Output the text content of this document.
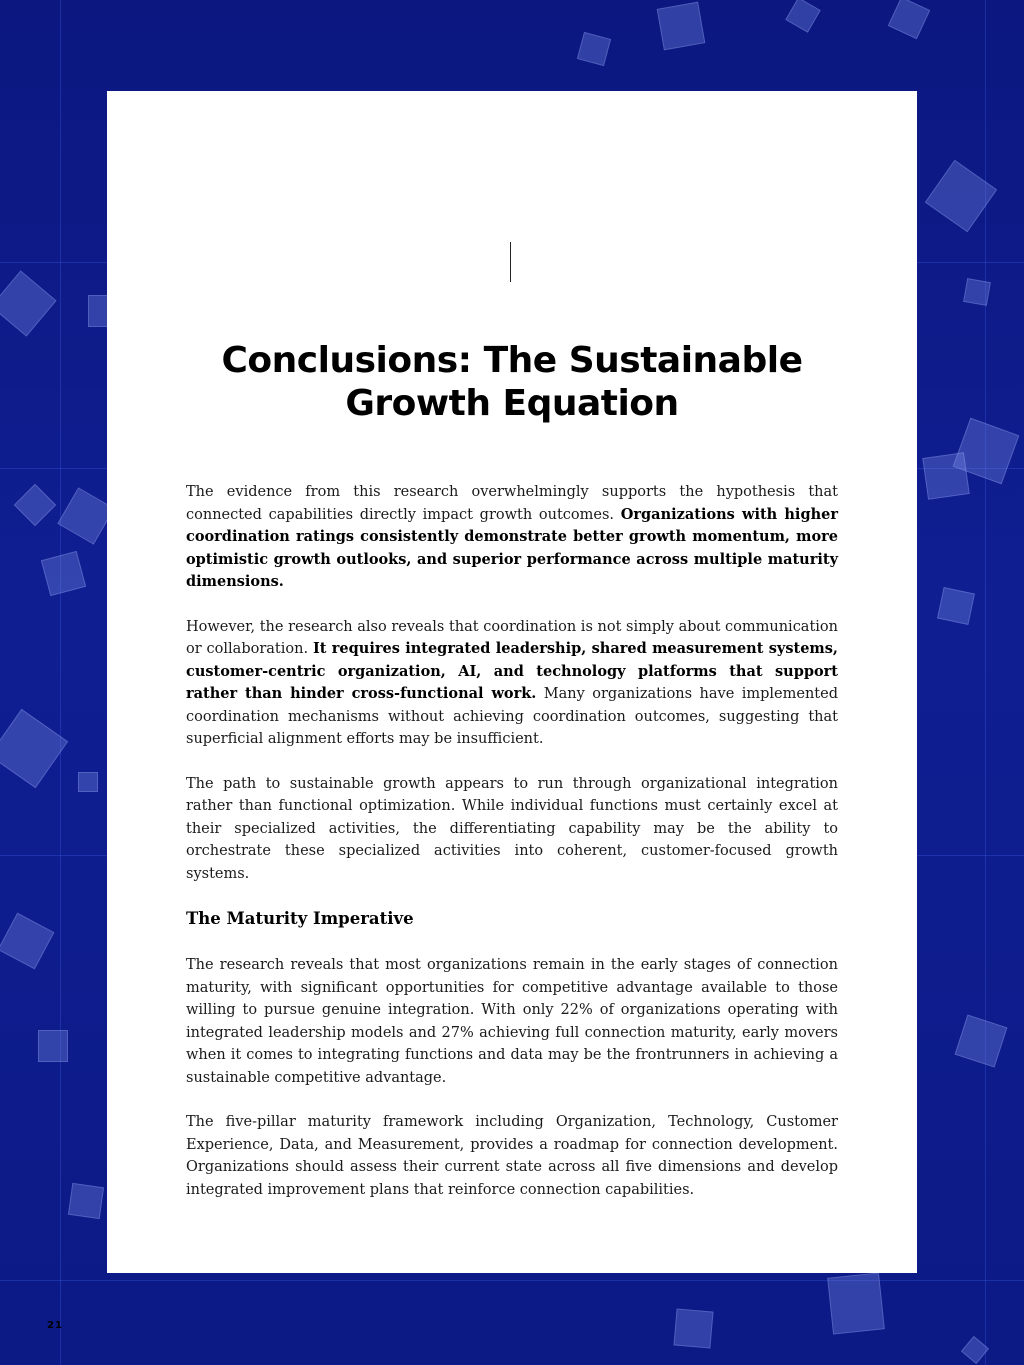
Conclusions: The Sustainable Growth Equation

The evidence from this research overwhelmingly supports the hypothesis that connected capabilities directly impact growth outcomes. Organizations with higher coordination ratings consistently demonstrate better growth momentum, more optimistic growth outlooks, and superior performance across multiple maturity dimensions.

However, the research also reveals that coordination is not simply about communication or collaboration. It requires integrated leadership, shared measurement systems, customer-centric organization, AI, and technology platforms that support rather than hinder cross-functional work. Many organizations have implemented coordination mechanisms without achieving coordination outcomes, suggesting that superficial alignment efforts may be insufficient.

The path to sustainable growth appears to run through organizational integration rather than functional optimization. While individual functions must certainly excel at their specialized activities, the differentiating capability may be the ability to orchestrate these specialized activities into coherent, customer-focused growth systems.

The Maturity Imperative

The research reveals that most organizations remain in the early stages of connection maturity, with significant opportunities for competitive advantage available to those willing to pursue genuine integration. With only 22% of organizations operating with integrated leadership models and 27% achieving full connection maturity, early movers when it comes to integrating functions and data may be the frontrunners in achieving a sustainable competitive advantage.

The five-pillar maturity framework including Organization, Technology, Customer Experience, Data, and Measurement, provides a roadmap for connection development. Organizations should assess their current state across all five dimensions and develop integrated improvement plans that reinforce connection capabilities.

21
